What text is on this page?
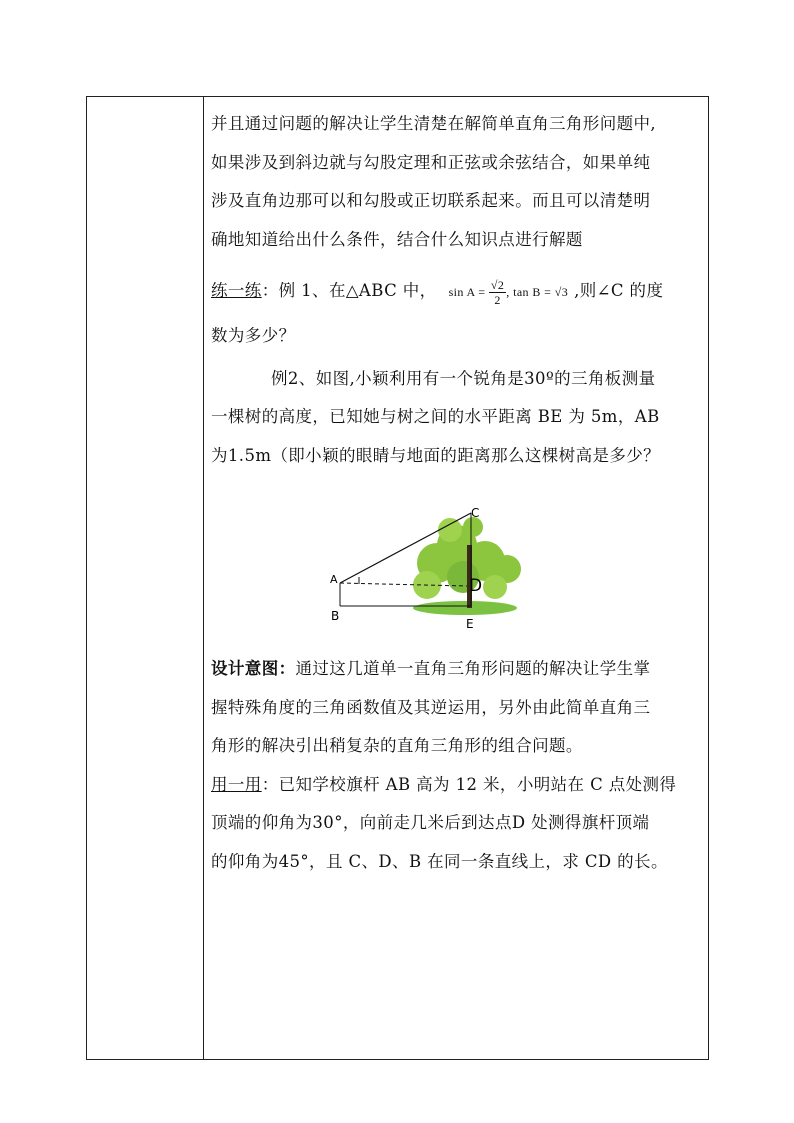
并且通过问题的解决让学生清楚在解简单直角三角形问题中,
如果涉及到斜边就与勾股定理和正弦或余弦结合，如果单纯
涉及直角边那可以和勾股或正切联系起来。而且可以清楚明
确地知道给出什么条件，结合什么知识点进行解题
练一练：例 1、在△ABC 中， $\sin A = \frac{√2}{2}$ , tan B = √3 ,则∠C 的度
数为多少？
例2、如图,小颖利用有一个锐角是30º的三角板测量
一棵树的高度，已知她与树之间的水平距离 BE 为 5m，AB
为1.5m（即小颖的眼睛与地面的距离那么这棵树高是多少？
设计意图：通过这几道单一直角三角形问题的解决让学生掌
握特殊角度的三角函数值及其逆运用，另外由此简单直角三
角形的解决引出稍复杂的直角三角形的组合问题。
用一用：已知学校旗杆 AB 高为 12 米，小明站在 C 点处测得
顶端的仰角为30°，向前走几米后到达点D 处测得旗杆顶端
的仰角为45°，且 C、D、B 在同一条直线上，求 CD 的长。
A
B
C
D
E
